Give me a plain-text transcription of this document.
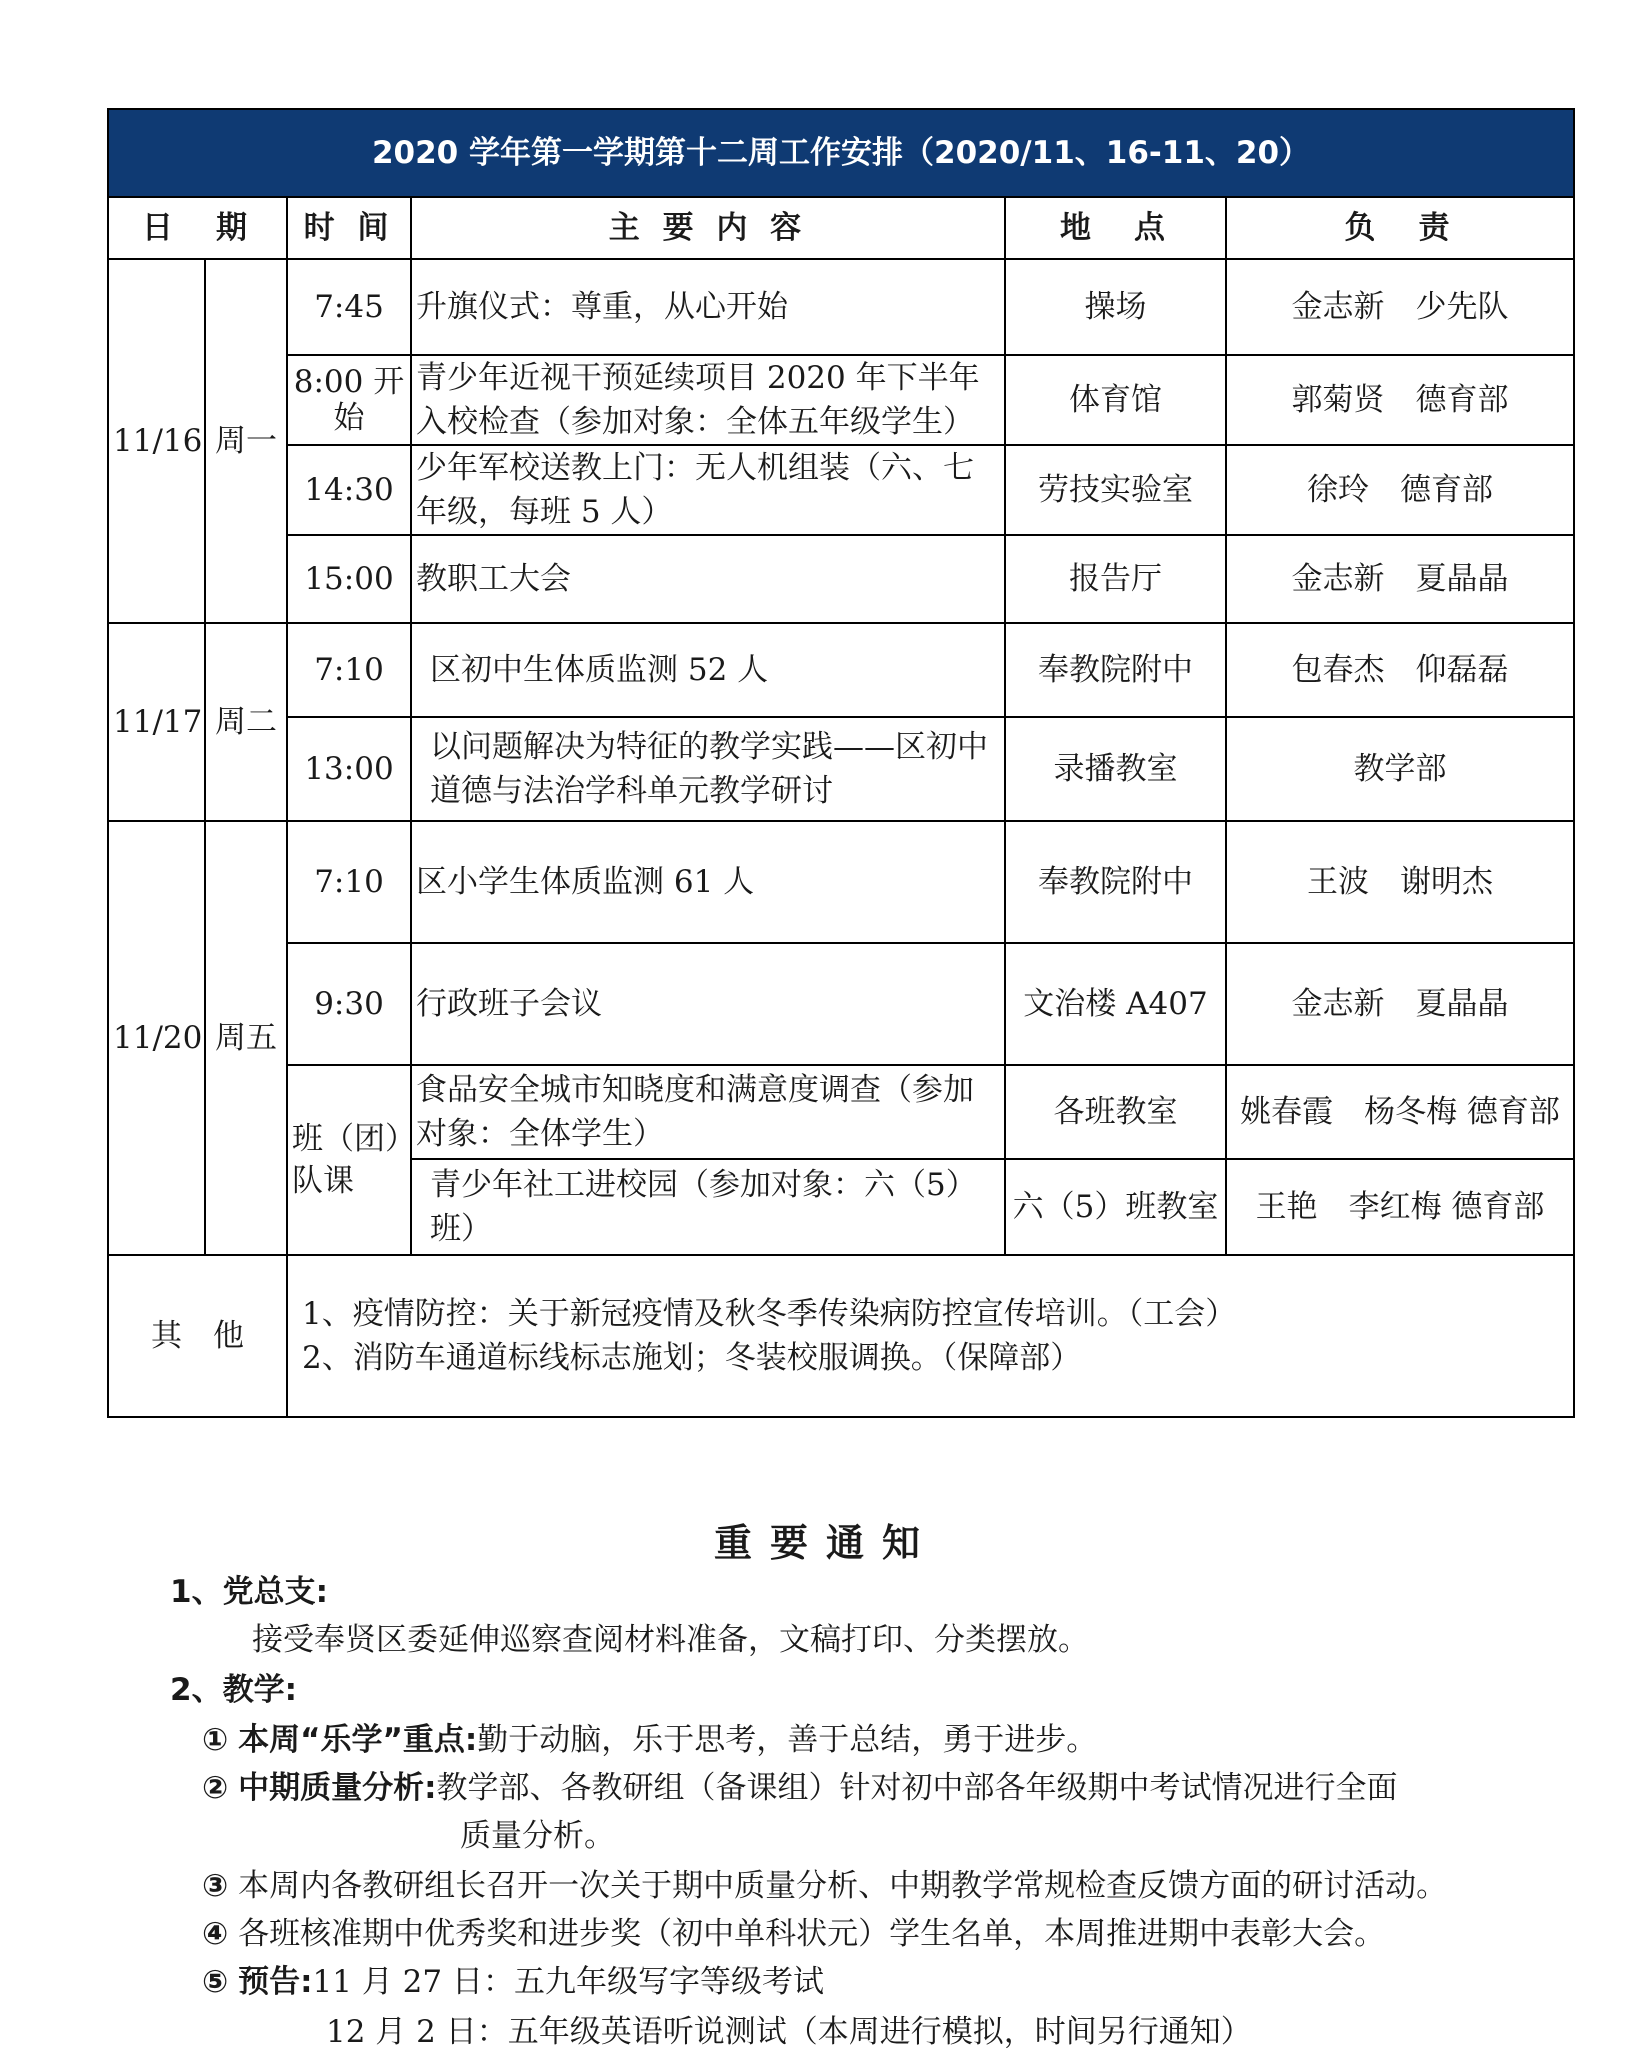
2020 学年第一学期第十二周工作安排（2020/11、16-11、20）					
日　期		时 间	主 要 内 容	地　点	负　责
11/16	周一	7:45	升旗仪式：尊重，从心开始	操场	金志新　少先队
		8:00 开始	青少年近视干预延续项目 2020 年下半年入校检查（参加对象：全体五年级学生）	体育馆	郭菊贤　德育部
		14:30	少年军校送教上门：无人机组装（六、七年级，每班 5 人）	劳技实验室	徐玲　德育部
		15:00	教职工大会	报告厅	金志新　夏晶晶
11/17	周二	7:10	区初中生体质监测 52 人	奉教院附中	包春杰　仰磊磊
		13:00	以问题解决为特征的教学实践——区初中道德与法治学科单元教学研讨	录播教室	教学部
11/20	周五	7:10	区小学生体质监测 61 人	奉教院附中	王波　谢明杰
		9:30	行政班子会议	文治楼 A407	金志新　夏晶晶
		班（团）队课	食品安全城市知晓度和满意度调查（参加对象：全体学生）	各班教室	姚春霞　杨冬梅 德育部
			青少年社工进校园（参加对象：六（5）班）	六（5）班教室	王艳　李红梅 德育部
其　他		1、疫情防控：关于新冠疫情及秋冬季传染病防控宣传培训。（工会）
2、消防车通道标线标志施划；冬装校服调换。（保障部）			
重要通知
1、党总支:
接受奉贤区委延伸巡察查阅材料准备，文稿打印、分类摆放。
2、教学:
① 本周“乐学”重点:勤于动脑，乐于思考，善于总结，勇于进步。
② 中期质量分析:教学部、各教研组（备课组）针对初中部各年级期中考试情况进行全面
质量分析。
③ 本周内各教研组长召开一次关于期中质量分析、中期教学常规检查反馈方面的研讨活动。
④ 各班核准期中优秀奖和进步奖（初中单科状元）学生名单，本周推进期中表彰大会。
⑤ 预告:11 月 27 日：五九年级写字等级考试
12 月 2 日：五年级英语听说测试（本周进行模拟，时间另行通知）
